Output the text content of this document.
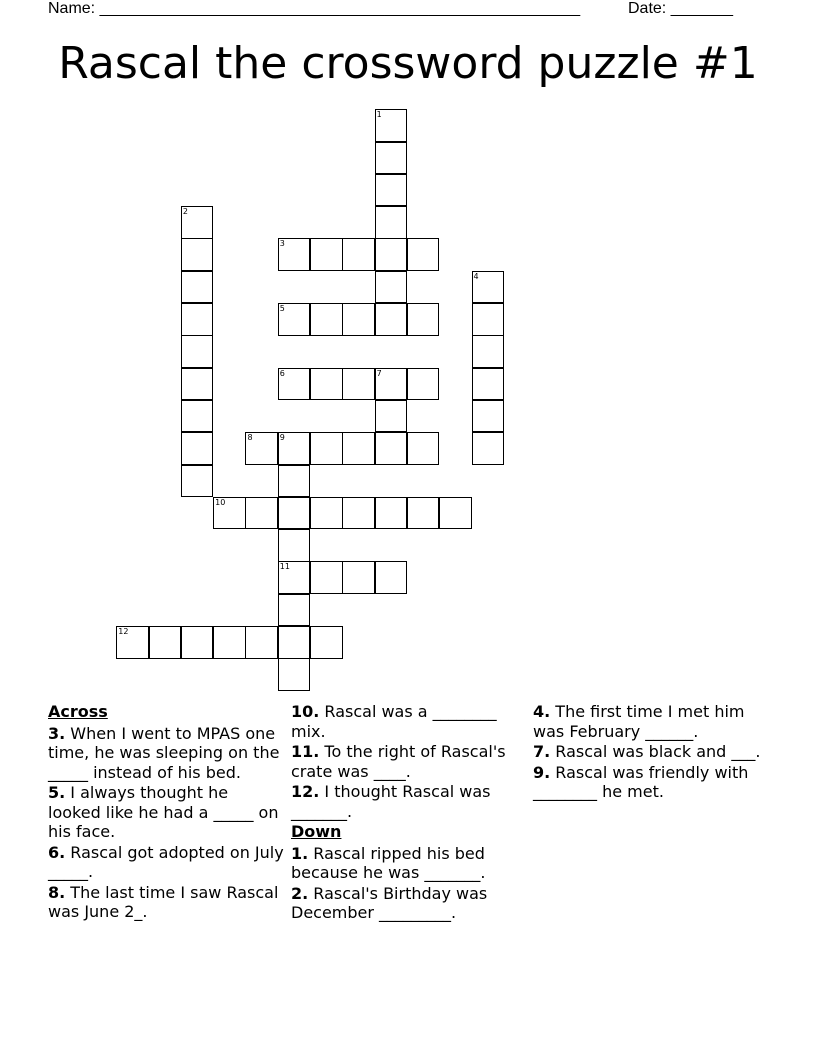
Name: ______________________________________________________	Date: _______
Rascal the crossword puzzle #1
1
2
3
4
5
6	7
8	9
11
10
12
Across
3. When I went to MPAS one time, he was sleeping on the _____ instead of his bed.
5. I always thought he looked like he had a _____ on his face.
6. Rascal got adopted on July _____.
8. The last time I saw Rascal was June 2_.
10. Rascal was a ________ mix.
11. To the right of Rascal's crate was ____.
12. I thought Rascal was _______.
Down
1. Rascal ripped his bed because he was _______.
2. Rascal's Birthday was December _________.
4. The first time I met him was February ______.
7. Rascal was black and ___.
9. Rascal was friendly with ________ he met.
